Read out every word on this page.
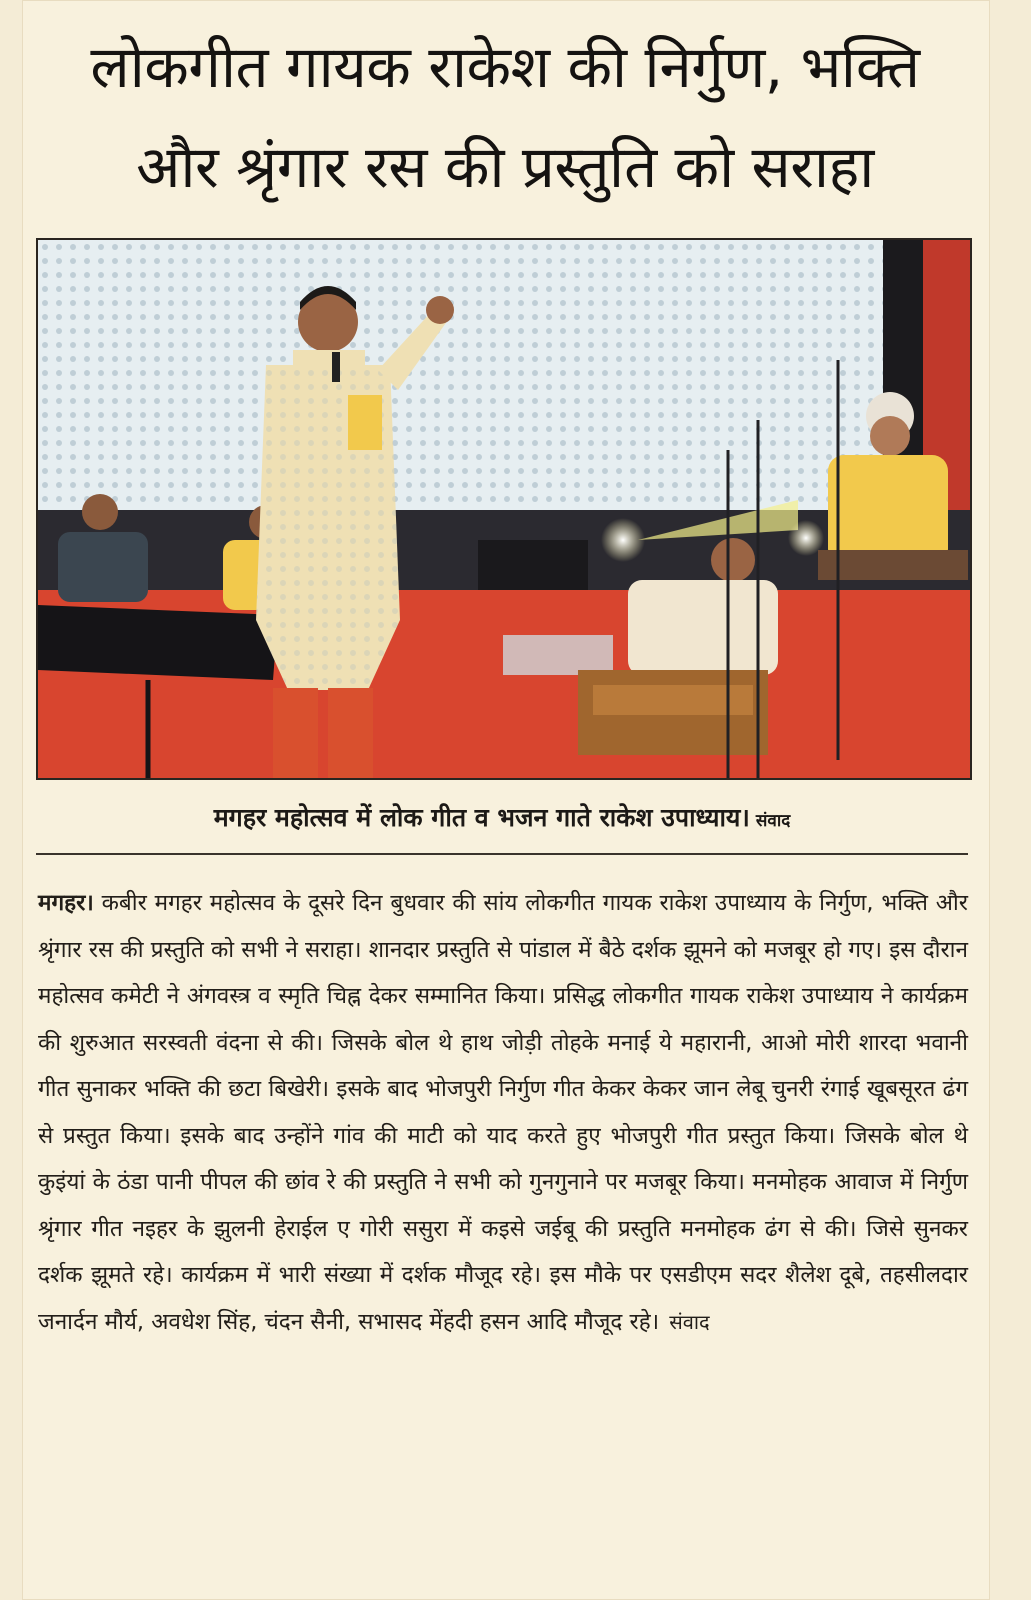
लोकगीत गायक राकेश की निर्गुण, भक्ति
और श्रृंगार रस की प्रस्तुति को सराहा
मगहर महोत्सव में लोक गीत व भजन गाते राकेश उपाध्याय। संवाद

मगहर। कबीर मगहर महोत्सव के दूसरे दिन बुधवार की सांय लोकगीत गायक राकेश उपाध्याय के निर्गुण, भक्ति और श्रृंगार रस की प्रस्तुति को सभी ने सराहा। शानदार प्रस्तुति से पांडाल में बैठे दर्शक झूमने को मजबूर हो गए। इस दौरान महोत्सव कमेटी ने अंगवस्त्र व स्मृति चिह्न देकर सम्मानित किया। प्रसिद्ध लोकगीत गायक राकेश उपाध्याय ने कार्यक्रम की शुरुआत सरस्वती वंदना से की। जिसके बोल थे हाथ जोड़ी तोहके मनाई ये महारानी, आओ मोरी शारदा भवानी गीत सुनाकर भक्ति की छटा बिखेरी। इसके बाद भोजपुरी निर्गुण गीत केकर केकर जान लेबू चुनरी रंगाई खूबसूरत ढंग से प्रस्तुत किया। इसके बाद उन्होंने गांव की माटी को याद करते हुए भोजपुरी गीत प्रस्तुत किया। जिसके बोल थे कुइंयां के ठंडा पानी पीपल की छांव रे की प्रस्तुति ने सभी को गुनगुनाने पर मजबूर किया। मनमोहक आवाज में निर्गुण श्रृंगार गीत नइहर के झुलनी हेराईल ए गोरी ससुरा में कइसे जईबू की प्रस्तुति मनमोहक ढंग से की। जिसे सुनकर दर्शक झूमते रहे। कार्यक्रम में भारी संख्या में दर्शक मौजूद रहे। इस मौके पर एसडीएम सदर शैलेश दूबे, तहसीलदार जनार्दन मौर्य, अवधेश सिंह, चंदन सैनी, सभासद मेंहदी हसन आदि मौजूद रहे। संवाद
